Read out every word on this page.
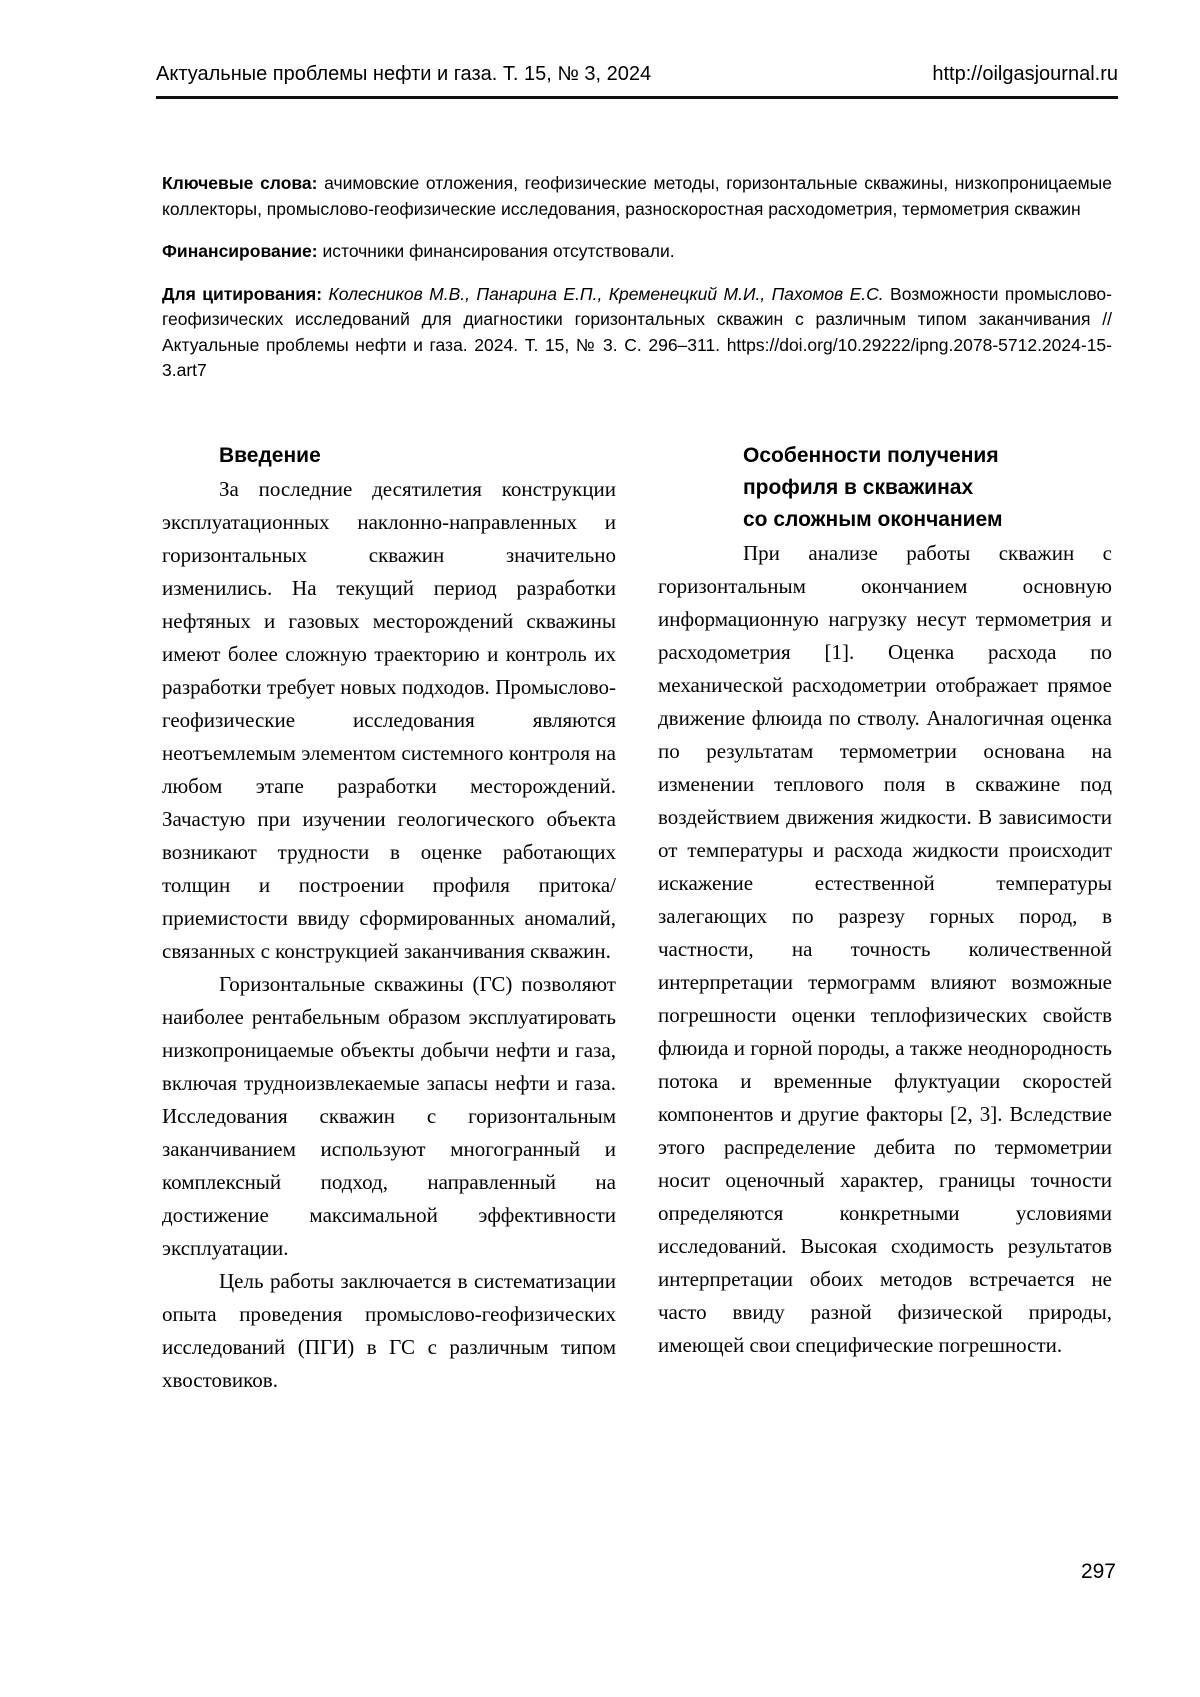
Актуальные проблемы нефти и газа. Т. 15, № 3, 2024	http://oilgasjournal.ru

Ключевые слова: ачимовские отложения, геофизические методы, горизонтальные скважины, низкопроницаемые коллекторы, промыслово-геофизические исследования, разноскоростная расходометрия, термометрия скважин

Финансирование: источники финансирования отсутствовали.

Для цитирования: Колесников М.В., Панарина Е.П., Кременецкий М.И., Пахомов Е.С. Возможности промыслово-геофизических исследований для диагностики горизонтальных скважин с различным типом заканчивания // Актуальные проблемы нефти и газа. 2024. Т. 15, № 3. С. 296–311. https://doi.org/10.29222/ipng.2078-5712.2024-15-3.art7

Введение

За последние десятилетия конструкции эксплуатационных наклонно-направленных и горизонтальных скважин значительно изменились. На текущий период разработки нефтяных и газовых месторождений скважины имеют более сложную траекторию и контроль их разработки требует новых подходов. Промыслово-геофизические исследования являются неотъемлемым элементом системного контроля на любом этапе разработки месторождений. Зачастую при изучении геологического объекта возникают трудности в оценке работающих толщин и построении профиля притока/приемистости ввиду сформированных аномалий, связанных с конструкцией заканчивания скважин.

Горизонтальные скважины (ГС) позволяют наиболее рентабельным образом эксплуатировать низкопроницаемые объекты добычи нефти и газа, включая трудноизвлекаемые запасы нефти и газа. Исследования скважин с горизонтальным заканчиванием используют многогранный и комплексный подход, направленный на достижение максимальной эффективности эксплуатации.

Цель работы заключается в систематизации опыта проведения промыслово-геофизических исследований (ПГИ) в ГС с различным типом хвостовиков.

Особенности получения
профиля в скважинах
со сложным окончанием

При анализе работы скважин с горизонтальным окончанием основную информационную нагрузку несут термометрия и расходометрия [1]. Оценка расхода по механической расходометрии отображает прямое движение флюида по стволу. Аналогичная оценка по результатам термометрии основана на изменении теплового поля в скважине под воздействием движения жидкости. В зависимости от температуры и расхода жидкости происходит искажение естественной температуры залегающих по разрезу горных пород, в частности, на точность количественной интерпретации термограмм влияют возможные погрешности оценки теплофизических свойств флюида и горной породы, а также неоднородность потока и временные флуктуации скоростей компонентов и другие факторы [2, 3]. Вследствие этого распределение дебита по термометрии носит оценочный характер, границы точности определяются конкретными условиями исследований. Высокая сходимость результатов интерпретации обоих методов встречается не часто ввиду разной физической природы, имеющей свои специфические погрешности.

297
